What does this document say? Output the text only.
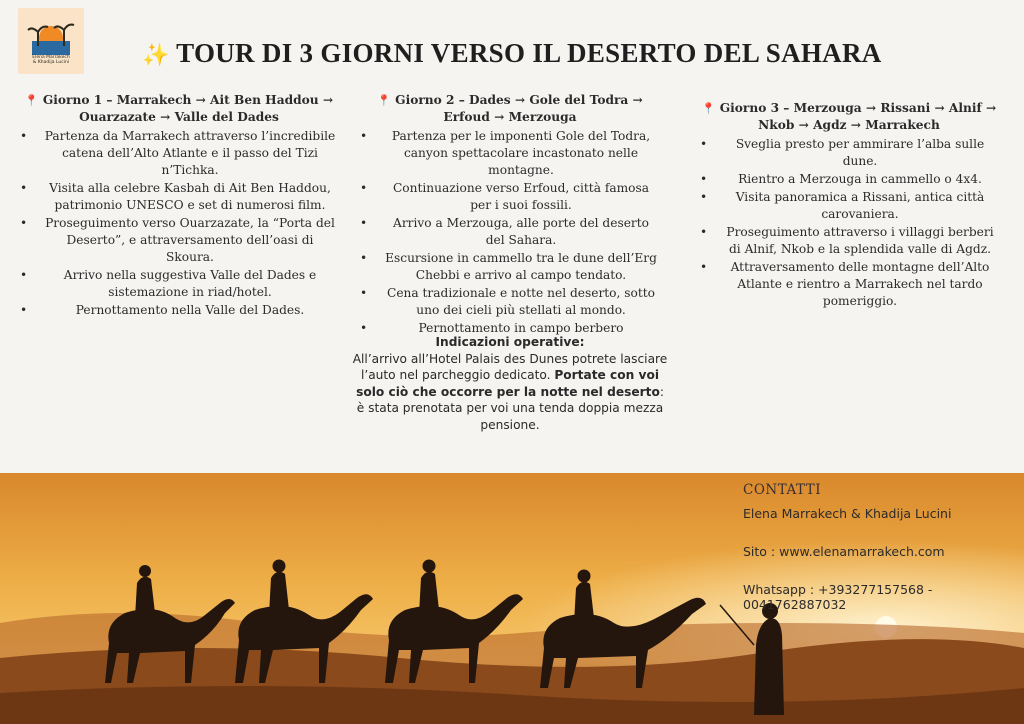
Elena Marrakech
& Khadija Lucini	✨ TOUR DI 3 GIORNI VERSO IL DESERTO DEL SAHARA
📍 Giorno 1 – Marrakech → Ait Ben Haddou → Ouarzazate → Valle del Dades
• Partenza da Marrakech attraverso l’incredibile catena dell’Alto Atlante e il passo del Tizi n’Tichka.
• Visita alla celebre Kasbah di Ait Ben Haddou, patrimonio UNESCO e set di numerosi film.
• Proseguimento verso Ouarzazate, la “Porta del Deserto”, e attraversamento dell’oasi di Skoura.
• Arrivo nella suggestiva Valle del Dades e sistemazione in riad/hotel.
• Pernottamento nella Valle del Dades.
📍 Giorno 2 – Dades → Gole del Todra → Erfoud → Merzouga
• Partenza per le imponenti Gole del Todra, canyon spettacolare incastonato nelle montagne.
• Continuazione verso Erfoud, città famosa per i suoi fossili.
• Arrivo a Merzouga, alle porte del deserto del Sahara.
• Escursione in cammello tra le dune dell’Erg Chebbi e arrivo al campo tendato.
• Cena tradizionale e notte nel deserto, sotto uno dei cieli più stellati al mondo.
• Pernottamento in campo berbero
📍 Giorno 3 – Merzouga → Rissani → Alnif → Nkob → Agdz → Marrakech
• Sveglia presto per ammirare l’alba sulle dune.
• Rientro a Merzouga in cammello o 4x4.
• Visita panoramica a Rissani, antica città carovaniera.
• Proseguimento attraverso i villaggi berberi di Alnif, Nkob e la splendida valle di Agdz.
• Attraversamento delle montagne dell’Alto Atlante e rientro a Marrakech nel tardo pomeriggio.
Indicazioni operative:
All’arrivo all’Hotel Palais des Dunes potrete lasciare l’auto nel parcheggio dedicato. Portate con voi solo ciò che occorre per la notte nel deserto:
è stata prenotata per voi una tenda doppia mezza pensione.
CONTATTI
Elena Marrakech & Khadija Lucini
Sito : www.elenamarrakech.com
Whatsapp : +393277157568 - 0041762887032
